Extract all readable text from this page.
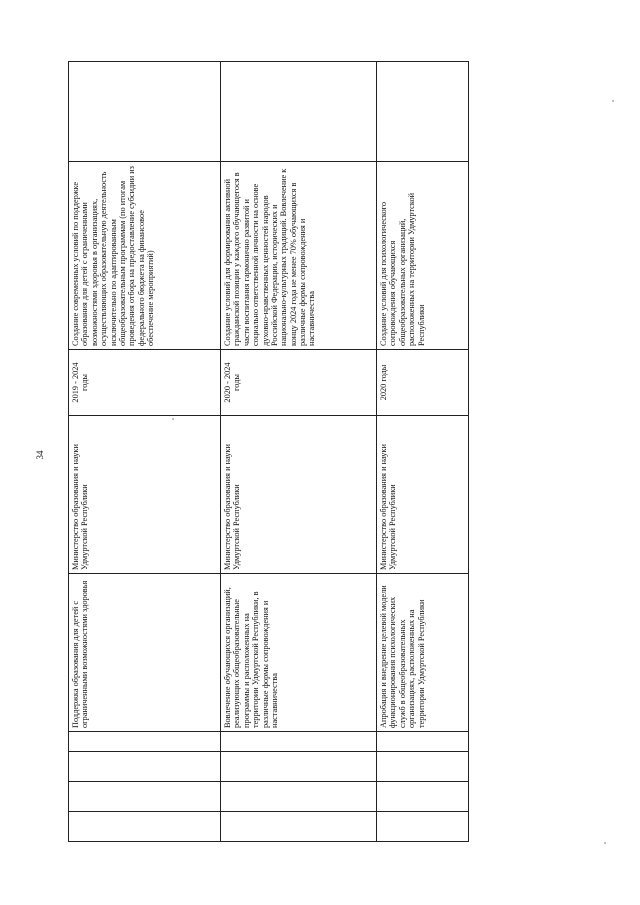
34
				Поддержка образования для детей с ограниченными возможностями здоровья	Министерство образования и науки Удмуртской Республики	2019 - 2024 годы	Создание современных условий по поддержке образования для детей с ограниченными возможностями здоровья в организациях, осуществляющих образовательную деятельность исключительно по адаптированным общеобразовательным программам (по итогам проведения отбора на предоставление субсидии из федерального бюджета на финансовое обеспечение мероприятий)	
				Вовлечение обучающихся организаций, реализующих общеобразовательные программы и расположенных на территории Удмуртской Республики, в различные формы сопровождения и наставничества	Министерство образования и науки Удмуртской Республики	2020 - 2024 годы	Создание условий для формирования активной гражданской позиции у каждого обучающегося в части воспитания гармонично развитой и социально ответственной личности на основе духовно-нравственных ценностей народов Российской Федерации, исторических и национально-культурных традиций. Вовлечение к концу 2024 года не менее 70% обучающихся в различные формы сопровождения и наставничества	
				Апробация и внедрение целевой модели функционирования психологических служб в общеобразовательных организациях, расположенных на территории Удмуртской Республики	Министерство образования и науки Удмуртской Республики	2020 годы	Создание условий для психологического сопровождения обучающихся общеобразовательных организаций, расположенных на территории Удмуртской Республики	
